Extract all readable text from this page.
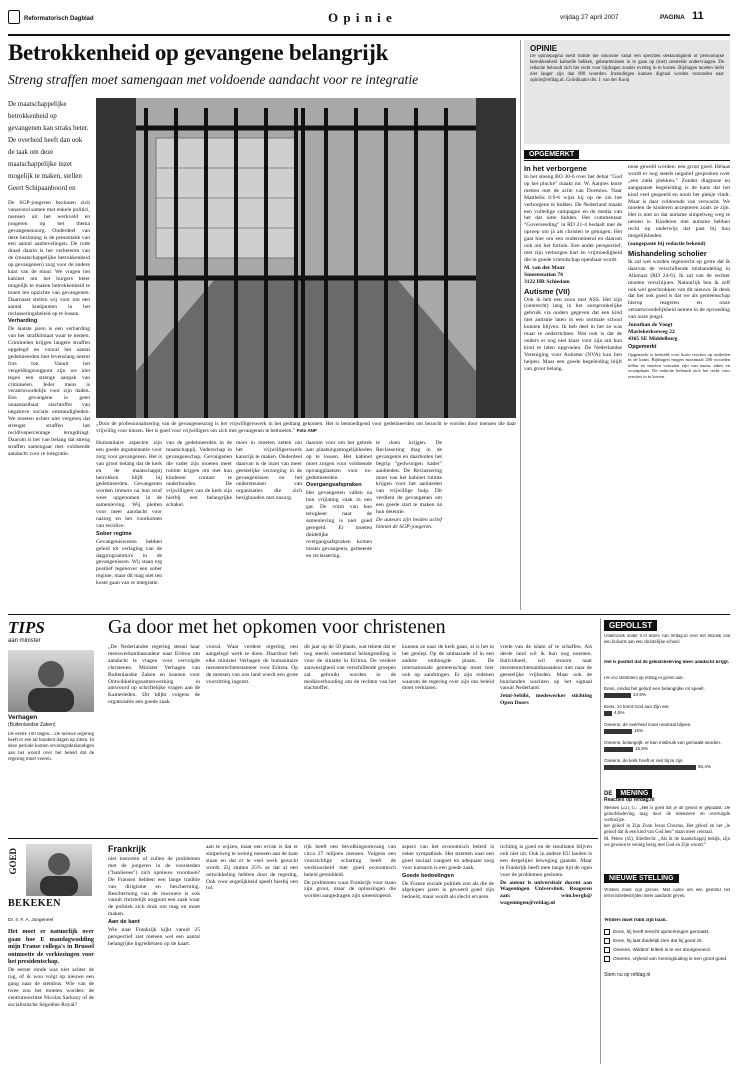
Reformatorisch Dagblad	O p i n i e	vrijdag 27 april 2007	PAGINA 11
Betrokkenheid op gevangene belangrijk
Streng straffen moet samengaan met voldoende aandacht voor re integratie
De maatschappelijke betrokkenheid op gevangenen kan straks beter. De overheid heeft dan ook de taak om deze maatschappelijke inzet mogelijk te maken, stellen Geert Schipaanboord en

De SGP-jongeren bezinnen zich vanavond samen met enkele politici, mensen uit het werkveld en jongeren op het thema gevangenenzorg. Onderdeel van deze bezinning is de presentatie van een aantal aanbevelingen. De rode draad daarin is het verbeteren van de (maatschappelijke betrokkenheid op gevangenen) zorg voor de andere kant van de muur. We vragen het kabinet om het burgers beter mogelijk te maken betrokkenheid te tonen ten opzichte van gevangenen. Daarnaast stellen wij voor om een aantal knelpunten in het reclasseringsbeleid op te lossen.

Verharding

De laatste jaren is een verharding van het strafklimaat waar te nemen. Criminelen krijgen langere straffen opgelegd en vooral het aantal gedetineerden met levenslang neemt fors toe. Vanuit het vergeldingsoogpunt zijn we niet tegen een strenge aanpak van criminelen. Ieder mens is verantwoordelijk voor zijn daden. Een gevangene is geen onaantastbaar slachtoffer van negatieve sociale omstandigheden. We moeten echter niet vergeten dat strenger straffen het recidivepercentage terugdringt. Daarom is het van belang dat streng straffen samengaat met voldoende aandacht voor re integratie.

„Door de professionalisering van de gevangeneszorg is het vrijwilligerswerk in het gedrang gekomen. Het is bemoedigend voor gedetineerden om bezocht te worden door mensen die daar vrijwillig voor kiezen. Het is goed voor vrijwilligers om zich met gevangenen te bemoeien.” Foto ANP

Humanitaire aspecten zijn een goede argumentatie voor zorg voor gevangenen. Het is van groot belang dat de kerk en de maatschappij betrokken blijft bij gedetineerden. Gevangenen worden immers na hun straf weer opgenomen in de samenleving. Wij pleiten voor meer aandacht voor nazorg en het voorkomen van recidive.

Sober regime

Gevangeniswezen hebben geleid tot verlaging van de dagprogramma's in de gevangenissen. Wij staan erg positief tegenover een sober regime, maar dit mag niet ten koste gaan van re integratie.

van de gedetineerden in de maatschappij. Vaderschap in gevangenschap. Gevangenen die vader zijn moeten meer ruimte krijgen om met hun kinderen contact te onderhouden. De vrijwilligers van de kerk zijn hierbij een belangrijke schakel.

moet in moeten zetten om het vrijwilligerswerk kansrijk te maken. Onderdeel daarvan is de inzet van meer geestelijke verzorging in de gevangenissen en het ondersteunen van organisaties die zich bezighouden met nazorg.

daarom voor om het gebrek aan plaatsingsmogelijkheden op te lossen. Het kabinet moet zorgen voor voldoende opvangplaatsen voor ex-gedetineerden.

Overgangsafspraken

Het gevangenen vallen na hun vrijlating vaak in een gat. De vorm van hun terugkeer naar de samenleving is niet goed geregeld. Er moeten duidelijke overgangsafspraken komen tussen gevangenis, gemeente en reclassering.

te doen krijgen. De Reclassering mag in de gevangenis en daarbuiten het begrip "gedwongen kader" aanbieden. De Reclassering moet van het kabinet ruimte krijgen voor het aanbieden van vrijwillige hulp. Dit verdient de gevangenen om een goede start te maken na hun detentie.

De auteurs zijn beiden actief binnen de SGP-jongeren.

OPINIE
De opiniepagina biedt ruimte die discussie vanaf een specifiek deskundigheid of persoonlijke betrokkenheid kaltuelle bekken, gebeurtenissen in te gaan op (met) zeestelde ondervraagen. De redactie behoudt zich het recht voor bijdragen zonder overleg in te korten. Bijdragen moeten liefst niet langer zijn dan 800 woorden. Inzendingen kunnen digitaal worden verzonden naar opinie@refdag.nl. Coördinator drs. J. van der Kooij
OPGEMERKT

In het verborgene

In het stoeng BO 30-6 over het debat "God op het plucke" maakt mr. W. Aanjtes korte metten met de actie van Doreslos. Naar Matthéüs 6:9-6 wijst hij op de zin het verborgene te bidden. De Nederland maakt een volledige campagne en de media van het dat uitte bidden. Het commentaar "Goversesding" in RD 21-4 bedaalt met de oproep om jà als christen te getuigen. Het gaat hier om een ondernemend en daarom ook om het fortuin. Een ander perspectief, met zijn verborgen hart en vrijmoedigheid die in goede vriendschap openbaar wordt.

M. van der Maar
Smeenstation 76
3122 HR Schiedam

Autisme (VII)

Ook ik heb een zoon met ASS. Het zijn (onterecht) lang in het oorspronkelijke gebruik via ouders gegeven dat een kind met autisme laten in een normale school kunnen blijven. Ik heb deel in het ze was maar te onderrichten. Wat ook is dat de ouders er nog niet klaar voor zijn om hun kind te laten opgroeien. De Nederlandse Vereniging voor Autisme (NVA) kan hen helpen. Maar een goede begeleiding blijft van groot belang.

nose geweld worden: een groot goed. Helaas wordt er nog steeds negatief gesproken over „een ziekt plekken.” Zonder diagnose en aangepaste begeleiding is de kans dat het kind veel gespeeld en nooit het plekje vindt. Maar is daar voldoende van verwacht. We moeten de kinderen accepteren zoals ze zijn. Het is niet zo dat autisme simpelweg weg te nemen is. Kinderen met autisme hebben recht op onderwijs dat past bij hun mogelijkheden.

(aangepaste bij redactie bekend)

Mishandeling scholier

Ik zal wel worden tegenrecht op grote dat ik daarvan de verschillende mishandeling in Alkmaar (RD 24-6). Ik zal van de rechter moeten verschijnen. Natuurlijk ben ik zelf ook wel geschrokken van dit nieuws. Ik denk dat het ook goed is dat we als gemeenschap hierop reageren en onze verantwoordelijkheid nemen in de opvoeding van onze jeugd.

Jonathan de Voogt
Mariekerkseweg 22
4365 SE Middelburg

Opgemerkt

Opgemerkt is bedoeld voor korte reacties op artikelen in de krant. Bijdragen mogen maximaal 200 woorden tellen en moeten voorzien zijn van naam, adres en woonplaats. De redactie behoudt zich het recht voor reacties in te korten.

TIPS
aan minister
Ga door met het opkomen voor christenen
Verhagen
(Buitenlandse Zaken)
De eerste 100 dagen... De nieuwe regering heeft er een tal honderd dagen op zitten. In deze periode komen ervaringsdeskundigen aan het woord over het beleid dat de regering moet voeren.
„De Nederlandse regering steunt haar menswerkambassadeur naar Eritrea om aandacht te vragen voor vervolgde christenen. Minister Verhagen van Buitenlandse Zaken en kunnen voor Ontwikkelingssamenwerking in antwoord op schriftelijke vragen aan de Kamerleden. Dit blijkt volgens de orgatnisatie een goede zaak.
vooral. Waar verdere regering een aangelegd werk te doen. Daardoor heb elke minister Verhagen de humanitaire mensenrechtenstanteer voor Eritrea. Op de mensen van ons land wordt een grote voorzitting ingezet.
dit jaar op de 50 plaats, wat tekent dat er nog steeds toenemend belangstelling is voor de situatie in Eritrea. De verdere aanwezigheid van verschillende groepen zal gebruikt worden in de mediaverhouding om de rechten van het slachtoffer.
kunnen ze naar de kerk gaan, al is het in het geniep. Op de ambassade of in een andere omhoogde plaats. De internationale gemeenschap moet hier ook op aandringen. Er zijn redenen waarom de regering over zijn ons beleid moet verklaren.

vrede van de islam af te schaffen. Als derde land wil ik hun nog noemen. Individueel, wil stroom naar mensenrechtenambassadeur niet naar de geestelijke vrijheden. Maar ook de buurlanden wachten op het signaal vanuit Nederland.

Jetni-Sebibi, medewerker stichting Open Doors

GOED
BEKEKEN
Dr. ir. F. A. Jongeneel

Het moet er natuurlijk over gaan hoe E mandagwudding mijn Franse collega's in Brussel ontmoette de verkiezingen voor het presidentschap.

De eerste ronde was niet achter de rug, of ik wou volgt op nieuwe een gang naar de stembus. Wie van de twee zou het moeten worden: de centrumrechtse Nicolas Sarkozy of de socialistische Ségolène Royal?

Frankrijk

niet instorten of zullen de problemen met de jongeren in de voorsteden ("banlieues") zich opnieuw voordoen? De Fransen hebben een lange traditie van dirigisme en bescherming. Bescherming van de inwoners is ook vanuit christelijk oogpunt een zaak waar de politiek zich druk om mag en moet maken.

Aan de kant

Wie naar Frankrijk kijkt vanuit 25 perspectief ziet meteen wel een aantal belangrijke ingrediënten op de kaart.

aan te wijzen, maar een ervan is dat er simpelweg te weinig mensen aan de kant staan en dat er te veel werk gezocht wordt. Zij sluiten 25% ze dat al een ontwikkeling hebben door de regering. Ook voor ongelijkheid speelt hierbij een rol.

rijk heeft een bevolkingsomvang van circa 27 miljoen mensen. Volgens een voorzichtige schatting heeft de werkloosheid met goed economisch beleid gemiddeld.

De problemen waar Frankrijk voor staan zijn groot, maar de oplossingen die worden aangedragen zijn uiteenlopend.

aspect van het economisch beleid is zeker sympathiek. Het stremen naar een goed sociaal vangnet en adequate zorg voor kansarm is een goede zaak.

Goede bedoelingen

De Franse sociale politiek zou als die de afgelopen jaren is gevoerd goed zijn bedoeld, maar wordt als slecht ervaren.

richting is goed en de resultaten blijven ook niet uit. Ook in andere EU landen is een dergelijke beweging gaande. Maar in Frankrijk heeft men lange tijd de ogen voor de problemen gesloten.

De auteur is universitair docent aan Wageningen Universiteit. Reageren aan: wim.bergh@ wageningen@refdag.nl

GEPOLLST
Onderzoek onder 670 lezers van refdag.nl over het bezoek van een huisarts aan een christelijke school:
Het is positief dat de geloofsbeleving meer aandacht krijgt.
De 562 stemmers op refdag.nl gaven aan:
Eens, omdat het geloof een belangrijke rol speelt.
14,6%
Eens, zo komt God aan Zijn eer.
4,5%
Oneens, de overheid moet neutraal blijven.
15%
Oneens, belangrijk: er kan misbruik van gemaakt worden.
15,9%
Oneens, de kerk hoeft er niet bij te zijn.
50,4%
DE MENING
Reacties op refdag.nl

Mensen (22), G.: „Het is goed dat je dit geloof er geplaatst. De geloofsbeleving mag door de intensieve en overtuigde werkwijze.

het geloof in Zijn Zoon Jezus Christus. Het geloof en het „le geloof dat ik een kind van God ben” staan meer centraal.

M. Peters (45), Sliedrecht: „Als ik de maatschappij bekijk, zijn we gewoon te weinig bezig met God en Zijn woord.”

NIEUWE STELLING
Wilders moet zijn gevoel. Met name om een gestrekt het terrorismebestrijden meer aandacht geven.
Wilders moet ruim zijn baan.
Eens, hij heeft terecht opmerkingen gemaakt.
Eens, hij laat duidelijk zien dat hij goed zit.
Oneens, Wilders' kritiek is te ver doorgevoerd.
Oneens, vrijheid van meningsuiting is een groot goed.
Stem nu op refdag.nl
